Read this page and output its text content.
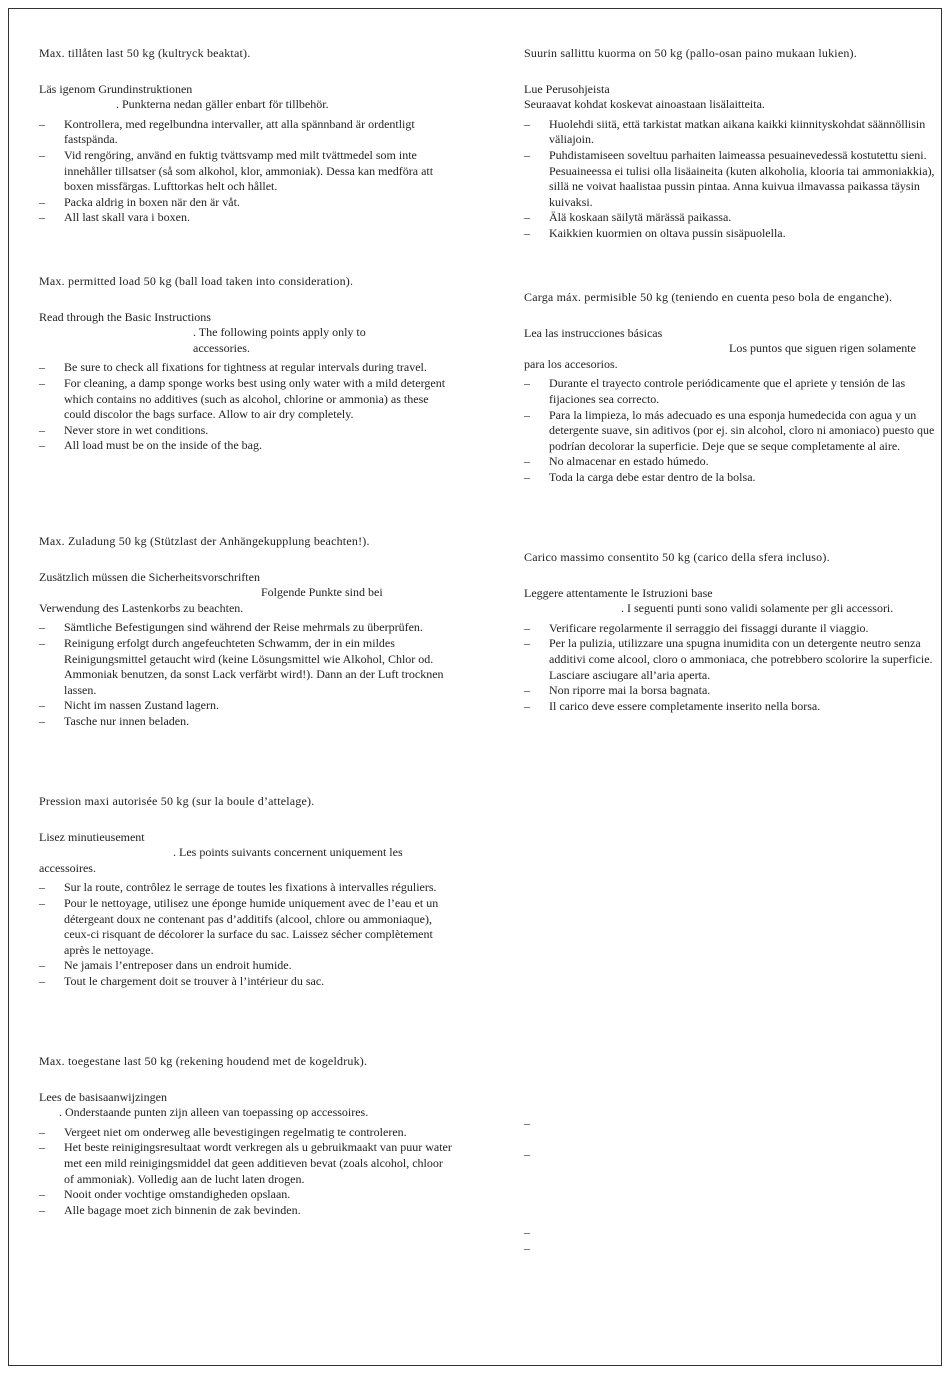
Max. tillåten last 50 kg (kultryck beaktat).
Läs igenom Grundinstruktionen
. Punkterna nedan gäller enbart för tillbehör.
– Kontrollera, med regelbundna intervaller, att alla spännband är ordentligt fastspända.
– Vid rengöring, använd en fuktig tvättsvamp med milt tvättmedel som inte innehåller tillsatser (så som alkohol, klor, ammoniak). Dessa kan medföra att boxen missfärgas. Lufttorkas helt och hållet.
– Packa aldrig in boxen när den är våt.
– All last skall vara i boxen.
Max. permitted load 50 kg (ball load taken into consideration).
Read through the Basic Instructions
. The following points apply only to accessories.
– Be sure to check all fixations for tightness at regular intervals during travel.
– For cleaning, a damp sponge works best using only water with a mild detergent which contains no additives (such as alcohol, chlorine or ammonia) as these could discolor the bags surface. Allow to air dry completely.
– Never store in wet conditions.
– All load must be on the inside of the bag.
Max. Zuladung 50 kg (Stützlast der Anhängekupplung beachten!).
Zusätzlich müssen die Sicherheitsvorschriften
Folgende Punkte sind bei Verwendung des Lastenkorbs zu beachten.
– Sämtliche Befestigungen sind während der Reise mehrmals zu überprüfen.
– Reinigung erfolgt durch angefeuchteten Schwamm, der in ein mildes Reinigungsmittel getaucht wird (keine Lösungsmittel wie Alkohol, Chlor od. Ammoniak benutzen, da sonst Lack verfärbt wird!). Dann an der Luft trocknen lassen.
– Nicht im nassen Zustand lagern.
– Tasche nur innen beladen.
Pression maxi autorisée 50 kg (sur la boule d’attelage).
Lisez minutieusement
. Les points suivants concernent uniquement les accessoires.
– Sur la route, contrôlez le serrage de toutes les fixations à intervalles réguliers.
– Pour le nettoyage, utilisez une éponge humide uniquement avec de l’eau et un détergeant doux ne contenant pas d’additifs (alcool, chlore ou ammoniaque), ceux-ci risquant de décolorer la surface du sac. Laissez sécher complètement après le nettoyage.
– Ne jamais l’entreposer dans un endroit humide.
– Tout le chargement doit se trouver à l’intérieur du sac.
Max. toegestane last 50 kg (rekening houdend met de kogeldruk).
Lees de basisaanwijzingen
. Onderstaande punten zijn alleen van toepassing op accessoires.
– Vergeet niet om onderweg alle bevestigingen regelmatig te controleren.
– Het beste reinigingsresultaat wordt verkregen als u gebruikmaakt van puur water met een mild reinigingsmiddel dat geen additieven bevat (zoals alcohol, chloor of ammoniak). Volledig aan de lucht laten drogen.
– Nooit onder vochtige omstandigheden opslaan.
– Alle bagage moet zich binnenin de zak bevinden.
Suurin sallittu kuorma on 50 kg (pallo-osan paino mukaan lukien).
Lue Perusohjeista
Seuraavat kohdat koskevat ainoastaan lisälaitteita.
– Huolehdi siitä, että tarkistat matkan aikana kaikki kiinnityskohdat säännöllisin väliajoin.
– Puhdistamiseen soveltuu parhaiten laimeassa pesuainevedessä kostutettu sieni. Pesuaineessa ei tulisi olla lisäaineita (kuten alkoholia, klooria tai ammoniakkia), sillä ne voivat haalistaa pussin pintaa. Anna kuivua ilmavassa paikassa täysin kuivaksi.
– Älä koskaan säilytä märässä paikassa.
– Kaikkien kuormien on oltava pussin sisäpuolella.
Carga máx. permisible 50 kg (teniendo en cuenta peso bola de enganche).
Lea las instrucciones básicas
Los puntos que siguen rigen solamente para los accesorios.
– Durante el trayecto controle periódicamente que el apriete y tensión de las fijaciones sea correcto.
– Para la limpieza, lo más adecuado es una esponja humedecida con agua y un detergente suave, sin aditivos (por ej. sin alcohol, cloro ni amoniaco) puesto que podrían decolorar la superficie. Deje que se seque completamente al aire.
– No almacenar en estado húmedo.
– Toda la carga debe estar dentro de la bolsa.
Carico massimo consentito 50 kg (carico della sfera incluso).
Leggere attentamente le Istruzioni base
. I seguenti punti sono validi solamente per gli accessori.
– Verificare regolarmente il serraggio dei fissaggi durante il viaggio.
– Per la pulizia, utilizzare una spugna inumidita con un detergente neutro senza additivi come alcool, cloro o ammoniaca, che potrebbero scolorire la superficie. Lasciare asciugare all’aria aperta.
– Non riporre mai la borsa bagnata.
– Il carico deve essere completamente inserito nella borsa.
–
–
–
–
